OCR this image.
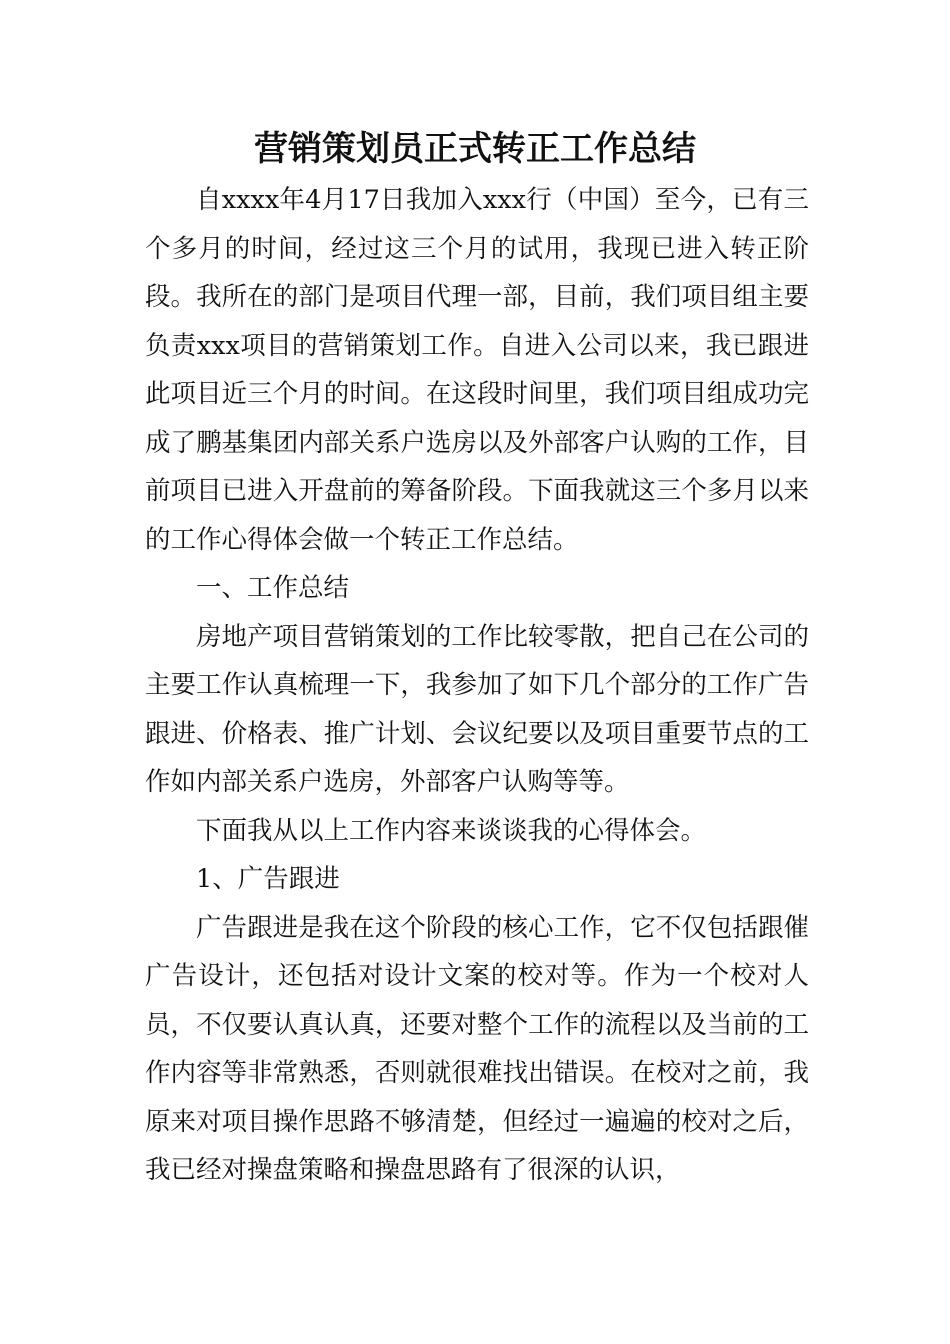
营销策划员正式转正工作总结

自xxxx年4月17日我加入xxx行（中国）至今，已有三个多月的时间，经过这三个月的试用，我现已进入转正阶段。我所在的部门是项目代理一部，目前，我们项目组主要负责xxx项目的营销策划工作。自进入公司以来，我已跟进此项目近三个月的时间。在这段时间里，我们项目组成功完成了鹏基集团内部关系户选房以及外部客户认购的工作，目前项目已进入开盘前的筹备阶段。下面我就这三个多月以来的工作心得体会做一个转正工作总结。

一、工作总结

房地产项目营销策划的工作比较零散，把自己在公司的主要工作认真梳理一下，我参加了如下几个部分的工作广告跟进、价格表、推广计划、会议纪要以及项目重要节点的工作如内部关系户选房，外部客户认购等等。

下面我从以上工作内容来谈谈我的心得体会。

1、广告跟进

广告跟进是我在这个阶段的核心工作，它不仅包括跟催广告设计，还包括对设计文案的校对等。作为一个校对人员，不仅要认真认真，还要对整个工作的流程以及当前的工作内容等非常熟悉，否则就很难找出错误。在校对之前，我原来对项目操作思路不够清楚，但经过一遍遍的校对之后，我已经对操盘策略和操盘思路有了很深的认识，
